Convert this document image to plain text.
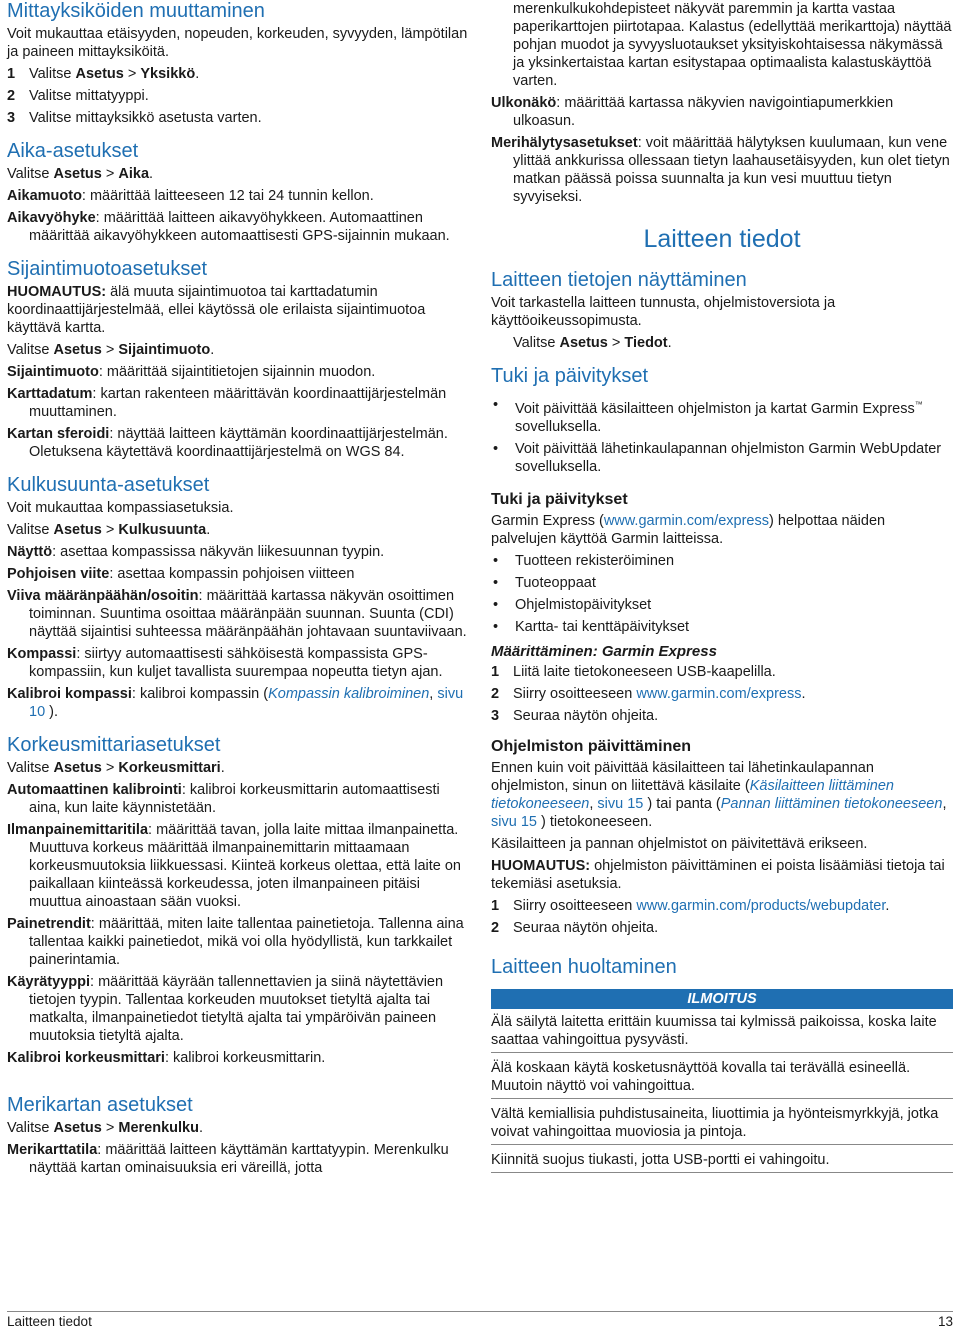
Mittayksiköiden muuttaminen

Voit mukauttaa etäisyyden, nopeuden, korkeuden, syvyyden, lämpötilan ja paineen mittayksiköitä.

1 Valitse Asetus > Yksikkö.

2 Valitse mittatyyppi.

3 Valitse mittayksikkö asetusta varten.

Aika-asetukset

Valitse Asetus > Aika.

Aikamuoto: määrittää laitteeseen 12 tai 24 tunnin kellon.

Aikavyöhyke: määrittää laitteen aikavyöhykkeen. Automaattinen määrittää aikavyöhykkeen automaattisesti GPS-sijainnin mukaan.

Sijaintimuotoasetukset

HUOMAUTUS: älä muuta sijaintimuotoa tai karttadatumin koordinaattijärjestelmää, ellei käytössä ole erilaista sijaintimuotoa käyttävä kartta.

Valitse Asetus > Sijaintimuoto.

Sijaintimuoto: määrittää sijaintitietojen sijainnin muodon.

Karttadatum: kartan rakenteen määrittävän koordinaattijärjestelmän muuttaminen.

Kartan sferoidi: näyttää laitteen käyttämän koordinaattijärjestelmän. Oletuksena käytettävä koordinaattijärjestelmä on WGS 84.

Kulkusuunta-asetukset

Voit mukauttaa kompassiasetuksia.

Valitse Asetus > Kulkusuunta.

Näyttö: asettaa kompassissa näkyvän liikesuunnan tyypin.

Pohjoisen viite: asettaa kompassin pohjoisen viitteen

Viiva määränpäähän/osoitin: määrittää kartassa näkyvän osoittimen toiminnan. Suuntima osoittaa määränpään suunnan. Suunta (CDI) näyttää sijaintisi suhteessa määränpäähän johtavaan suuntaviivaan.

Kompassi: siirtyy automaattisesti sähköisestä kompassista GPS-kompassiin, kun kuljet tavallista suurempaa nopeutta tietyn ajan.

Kalibroi kompassi: kalibroi kompassin (Kompassin kalibroiminen, sivu 10 ).

Korkeusmittariasetukset

Valitse Asetus > Korkeusmittari.

Automaattinen kalibrointi: kalibroi korkeusmittarin automaattisesti aina, kun laite käynnistetään.

Ilmanpainemittaritila: määrittää tavan, jolla laite mittaa ilmanpainetta. Muuttuva korkeus määrittää ilmanpainemittarin mittaamaan korkeusmuutoksia liikkuessasi. Kiinteä korkeus olettaa, että laite on paikallaan kiinteässä korkeudessa, joten ilmanpaineen pitäisi muuttua ainoastaan sään vuoksi.

Painetrendit: määrittää, miten laite tallentaa painetietoja. Tallenna aina tallentaa kaikki painetiedot, mikä voi olla hyödyllistä, kun tarkkailet painerintamia.

Käyrätyyppi: määrittää käyrään tallennettavien ja siinä näytettävien tietojen tyypin. Tallentaa korkeuden muutokset tietyltä ajalta tai matkalta, ilmanpainetiedot tietyltä ajalta tai ympäröivän paineen muutoksia tietyltä ajalta.

Kalibroi korkeusmittari: kalibroi korkeusmittarin.

Merikartan asetukset

Valitse Asetus > Merenkulku.

Merikarttatila: määrittää laitteen käyttämän karttatyypin. Merenkulku näyttää kartan ominaisuuksia eri väreillä, jotta

merenkulkukohdepisteet näkyvät paremmin ja kartta vastaa paperikarttojen piirtotapaa. Kalastus (edellyttää merikarttoja) näyttää pohjan muodot ja syvyysluotaukset yksityiskohtaisessa näkymässä ja yksinkertaistaa kartan esitystapaa optimaalista kalastuskäyttöä varten.

Ulkonäkö: määrittää kartassa näkyvien navigointiapumerkkien ulkoasun.

Merihälytysasetukset: voit määrittää hälytyksen kuulumaan, kun vene ylittää ankkurissa ollessaan tietyn laahausetäisyyden, kun olet tietyn matkan päässä poissa suunnalta ja kun vesi muuttuu tietyn syvyiseksi.

Laitteen tiedot
Laitteen tietojen näyttäminen

Voit tarkastella laitteen tunnusta, ohjelmistoversiota ja käyttöoikeussopimusta.

Valitse Asetus > Tiedot.

Tuki ja päivitykset

•	Voit päivittää käsilaitteen ohjelmiston ja kartat Garmin Express™ sovelluksella.

•	Voit päivittää lähetinkaulapannan ohjelmiston Garmin WebUpdater sovelluksella.

Tuki ja päivitykset

Garmin Express (www.garmin.com/express) helpottaa näiden palvelujen käyttöä Garmin laitteissa.

•	Tuotteen rekisteröiminen

•	Tuoteoppaat

•	Ohjelmistopäivitykset

•	Kartta- tai kenttäpäivitykset

Määrittäminen: Garmin Express

1 Liitä laite tietokoneeseen USB-kaapelilla.

2 Siirry osoitteeseen www.garmin.com/express.

3 Seuraa näytön ohjeita.

Ohjelmiston päivittäminen

Ennen kuin voit päivittää käsilaitteen tai lähetinkaulapannan ohjelmiston, sinun on liitettävä käsilaite (Käsilaitteen liittäminen tietokoneeseen, sivu 15 ) tai panta (Pannan liittäminen tietokoneeseen, sivu 15 ) tietokoneeseen.

Käsilaitteen ja pannan ohjelmistot on päivitettävä erikseen.

HUOMAUTUS: ohjelmiston päivittäminen ei poista lisäämiäsi tietoja tai tekemiäsi asetuksia.

1 Siirry osoitteeseen www.garmin.com/products/webupdater.

2 Seuraa näytön ohjeita.

Laitteen huoltaminen
ILMOITUS

Älä säilytä laitetta erittäin kuumissa tai kylmissä paikoissa, koska laite saattaa vahingoittua pysyvästi.

Älä koskaan käytä kosketusnäyttöä kovalla tai terävällä esineellä. Muutoin näyttö voi vahingoittua.

Vältä kemiallisia puhdistusaineita, liuottimia ja hyönteismyrkkyjä, jotka voivat vahingoittaa muoviosia ja pintoja.

Kiinnitä suojus tiukasti, jotta USB-portti ei vahingoitu.

Laitteen tiedot	13
